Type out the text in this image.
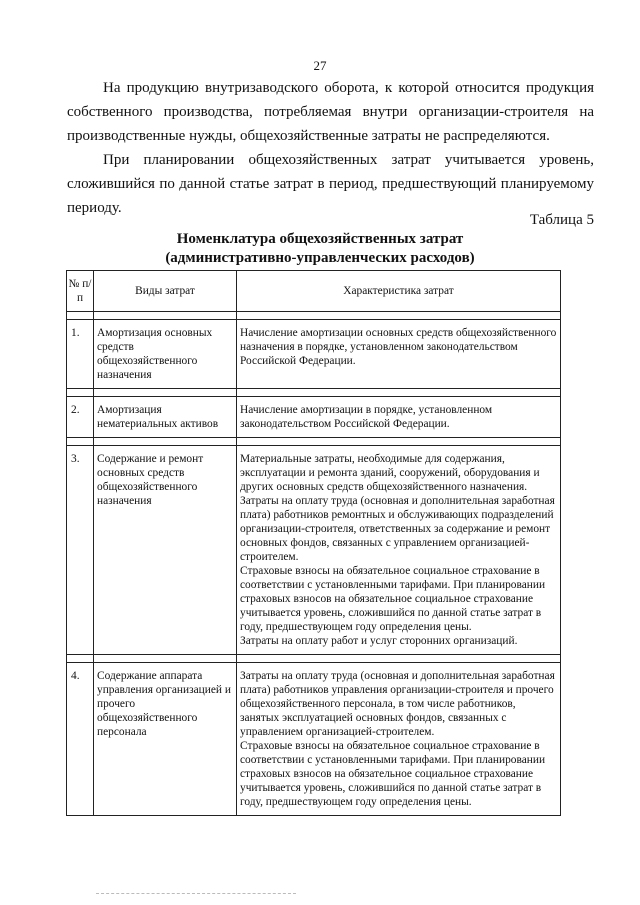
27

На продукцию внутризаводского оборота, к которой относится продукция собственного производства, потребляемая внутри организации-строителя на производственные нужды, общехозяйственные затраты не распределяются.

При планировании общехозяйственных затрат учитывается уровень, сложившийся по данной статье затрат в период, предшествующий планируемому периоду.

Таблица 5
Номенклатура общехозяйственных затрат
(административно-управленческих расходов)
№ п/п	Виды затрат	Характеристика затрат

1.	Амортизация основных средств общехозяйственного назначения	Начисление амортизации основных средств общехозяйственного назначения в порядке, установленном законодательством Российской Федерации.

2.	Амортизация нематериальных активов	Начисление амортизации в порядке, установленном законодательством Российской Федерации.

3.	Содержание и ремонт основных средств общехозяйственного назначения	Материальные затраты, необходимые для содержания, эксплуатации и ремонта зданий, сооружений, оборудования и других основных средств общехозяйственного назначения.
Затраты на оплату труда (основная и дополнительная заработная плата) работников ремонтных и обслуживающих подразделений организации-строителя, ответственных за содержание и ремонт основных фондов, связанных с управлением организацией-строителем.
Страховые взносы на обязательное социальное страхование в соответствии с установленными тарифами. При планировании страховых взносов на обязательное социальное страхование учитывается уровень, сложившийся по данной статье затрат в году, предшествующем году определения цены.
Затраты на оплату работ и услуг сторонних организаций.

4.	Содержание аппарата управления организацией и прочего общехозяйственного персонала	Затраты на оплату труда (основная и дополнительная заработная плата) работников управления организации-строителя и прочего общехозяйственного персонала, в том числе работников, занятых эксплуатацией основных фондов, связанных с управлением организацией-строителем.
Страховые взносы на обязательное социальное страхование в соответствии с установленными тарифами. При планировании страховых взносов на обязательное социальное страхование учитывается уровень, сложившийся по данной статье затрат в году, предшествующем году определения цены.
